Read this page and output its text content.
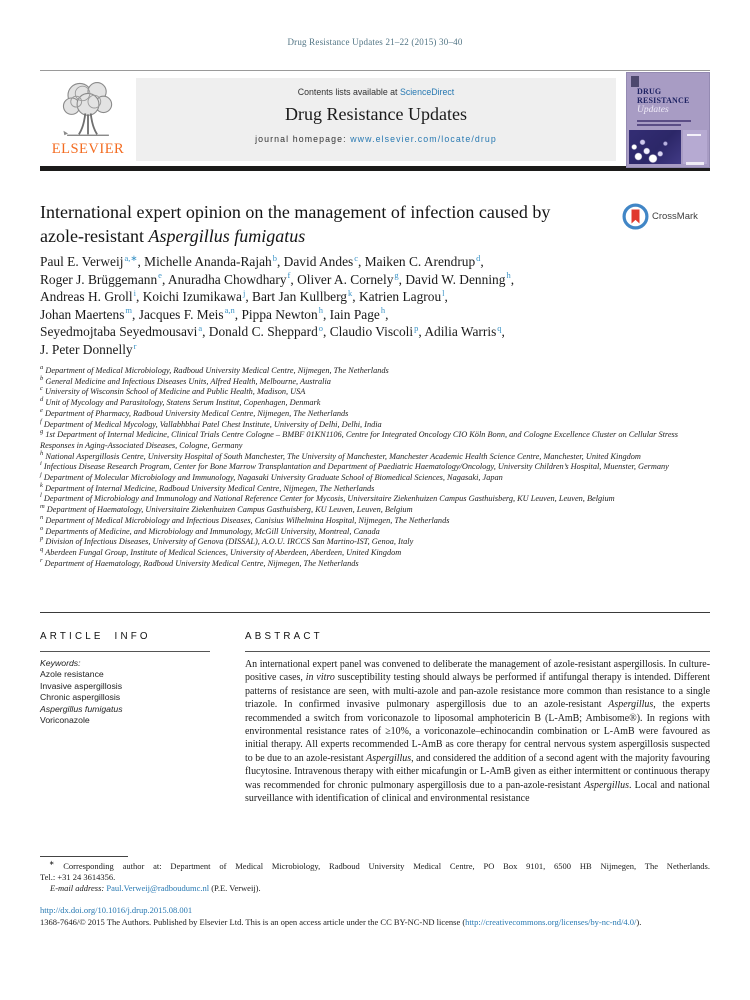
Drug Resistance Updates 21–22 (2015) 30–40
ELSEVIER
Contents lists available at ScienceDirect
Drug Resistance Updates
journal homepage: www.elsevier.com/locate/drup
DRUG
RESISTANCE
Updates
International expert opinion on the management of infection caused by azole-resistant Aspergillus fumigatus
CrossMark
Paul E. Verweij$^{a,∗}$, Michelle Ananda-Rajah$^b$, David Andes$^c$, Maiken C. Arendrup$^d$,
Roger J. Brüggemann$^e$, Anuradha Chowdhary$^f$, Oliver A. Cornely$^g$, David W. Denning$^h$,
Andreas H. Groll$^i$, Koichi Izumikawa$^j$, Bart Jan Kullberg$^k$, Katrien Lagrou$^l$,
Johan Maertens$^m$, Jacques F. Meis$^{a,n}$, Pippa Newton$^h$, Iain Page$^h$,
Seyedmojtaba Seyedmousavi$^a$, Donald C. Sheppard$^o$, Claudio Viscoli$^p$, Adilia Warris$^q$,
J. Peter Donnelly$^r$
$^a$ Department of Medical Microbiology, Radboud University Medical Centre, Nijmegen, The Netherlands
$^b$ General Medicine and Infectious Diseases Units, Alfred Health, Melbourne, Australia
$^c$ University of Wisconsin School of Medicine and Public Health, Madison, USA
$^d$ Unit of Mycology and Parasitology, Statens Serum Institut, Copenhagen, Denmark
$^e$ Department of Pharmacy, Radboud University Medical Centre, Nijmegen, The Netherlands
$^f$ Department of Medical Mycology, Vallabhbhai Patel Chest Institute, University of Delhi, Delhi, India
$^g$ 1st Department of Internal Medicine, Clinical Trials Centre Cologne – BMBF 01KN1106, Centre for Integrated Oncology CIO Köln Bonn, and Cologne Excellence Cluster on Cellular Stress Responses in Aging-Associated Diseases, Cologne, Germany
$^h$ National Aspergillosis Centre, University Hospital of South Manchester, The University of Manchester, Manchester Academic Health Science Centre, Manchester, United Kingdom
$^i$ Infectious Disease Research Program, Center for Bone Marrow Transplantation and Department of Paediatric Haematology/Oncology, University Children’s Hospital, Muenster, Germany
$^j$ Department of Molecular Microbiology and Immunology, Nagasaki University Graduate School of Biomedical Sciences, Nagasaki, Japan
$^k$ Department of Internal Medicine, Radboud University Medical Centre, Nijmegen, The Netherlands
$^l$ Department of Microbiology and Immunology and National Reference Center for Mycosis, Universitaire Ziekenhuizen Campus Gasthuisberg, KU Leuven, Leuven, Belgium
$^m$ Department of Haematology, Universitaire Ziekenhuizen Campus Gasthuisberg, KU Leuven, Leuven, Belgium
$^n$ Department of Medical Microbiology and Infectious Diseases, Canisius Wilhelmina Hospital, Nijmegen, The Netherlands
$^o$ Departments of Medicine, and Microbiology and Immunology, McGill University, Montreal, Canada
$^p$ Division of Infectious Diseases, University of Genova (DISSAL), A.O.U. IRCCS San Martino-IST, Genoa, Italy
$^q$ Aberdeen Fungal Group, Institute of Medical Sciences, University of Aberdeen, Aberdeen, United Kingdom
$^r$ Department of Haematology, Radboud University Medical Centre, Nijmegen, The Netherlands
ARTICLE INFO
Keywords:
Azole resistance
Invasive aspergillosis
Chronic aspergillosis
Aspergillus fumigatus
Voriconazole
ABSTRACT

An international expert panel was convened to deliberate the management of azole-resistant aspergillosis. In culture-positive cases, in vitro susceptibility testing should always be performed if antifungal therapy is intended. Different patterns of resistance are seen, with multi-azole and pan-azole resistance more common than resistance to a single triazole. In confirmed invasive pulmonary aspergillosis due to an azole-resistant Aspergillus, the experts recommended a switch from voriconazole to liposomal amphotericin B (L-AmB; Ambisome®). In regions with environmental resistance rates of ≥10%, a voriconazole–echinocandin combination or L-AmB were favoured as initial therapy. All experts recommended L-AmB as core therapy for central nervous system aspergillosis suspected to be due to an azole-resistant Aspergillus, and considered the addition of a second agent with the majority favouring flucytosine. Intravenous therapy with either micafungin or L-AmB given as either intermittent or continuous therapy was recommended for chronic pulmonary aspergillosis due to a pan-azole-resistant Aspergillus. Local and national surveillance with identification of clinical and environmental resistance

∗ Corresponding author at: Department of Medical Microbiology, Radboud University Medical Centre, PO Box 9101, 6500 HB Nijmegen, The Netherlands.
Tel.: +31 24 3614356.
E-mail address: Paul.Verweij@radboudumc.nl (P.E. Verweij).
http://dx.doi.org/10.1016/j.drup.2015.08.001
1368-7646/© 2015 The Authors. Published by Elsevier Ltd. This is an open access article under the CC BY-NC-ND license (http://creativecommons.org/licenses/by-nc-nd/4.0/).
